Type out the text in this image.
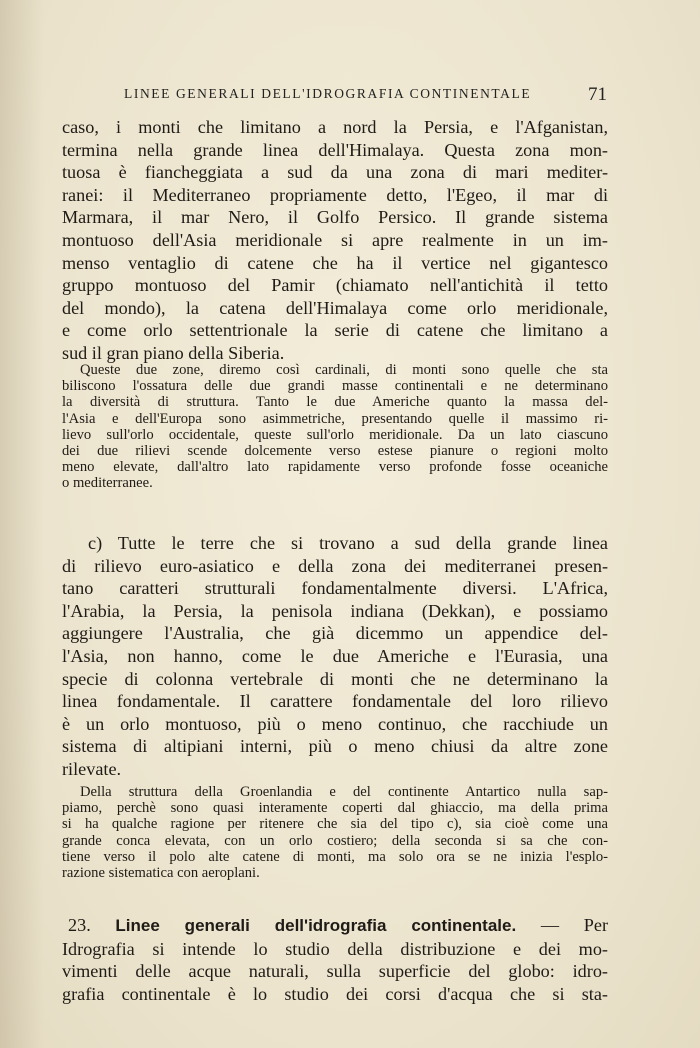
LINEE GENERALI DELL'IDROGRAFIA CONTINENTALE	71
caso, i monti che limitano a nord la Persia, e l'Afganistan,
termina nella grande linea dell'Himalaya. Questa zona mon-
tuosa è fiancheggiata a sud da una zona di mari mediter-
ranei: il Mediterraneo propriamente detto, l'Egeo, il mar di
Marmara, il mar Nero, il Golfo Persico. Il grande sistema
montuoso dell'Asia meridionale si apre realmente in un im-
menso ventaglio di catene che ha il vertice nel gigantesco
gruppo montuoso del Pamir (chiamato nell'antichità il tetto
del mondo), la catena dell'Himalaya come orlo meridionale,
e come orlo settentrionale la serie di catene che limitano a
sud il gran piano della Siberia.
Queste due zone, diremo così cardinali, di monti sono quelle che sta
biliscono l'ossatura delle due grandi masse continentali e ne determinano
la diversità di struttura. Tanto le due Americhe quanto la massa del-
l'Asia e dell'Europa sono asimmetriche, presentando quelle il massimo ri-
lievo sull'orlo occidentale, queste sull'orlo meridionale. Da un lato ciascuno
dei due rilievi scende dolcemente verso estese pianure o regioni molto
meno elevate, dall'altro lato rapidamente verso profonde fosse oceaniche
o mediterranee.
c) Tutte le terre che si trovano a sud della grande linea
di rilievo euro-asiatico e della zona dei mediterranei presen-
tano caratteri strutturali fondamentalmente diversi. L'Africa,
l'Arabia, la Persia, la penisola indiana (Dekkan), e possiamo
aggiungere l'Australia, che già dicemmo un appendice del-
l'Asia, non hanno, come le due Americhe e l'Eurasia, una
specie di colonna vertebrale di monti che ne determinano la
linea fondamentale. Il carattere fondamentale del loro rilievo
è un orlo montuoso, più o meno continuo, che racchiude un
sistema di altipiani interni, più o meno chiusi da altre zone
rilevate.
Della struttura della Groenlandia e del continente Antartico nulla sap-
piamo, perchè sono quasi interamente coperti dal ghiaccio, ma della prima
si ha qualche ragione per ritenere che sia del tipo c), sia cioè come una
grande conca elevata, con un orlo costiero; della seconda si sa che con-
tiene verso il polo alte catene di monti, ma solo ora se ne inizia l'esplo-
razione sistematica con aeroplani.
23. Linee generali dell'idrografia continentale. — Per
Idrografia si intende lo studio della distribuzione e dei mo-
vimenti delle acque naturali, sulla superficie del globo: idro-
grafia continentale è lo studio dei corsi d'acqua che si sta-
